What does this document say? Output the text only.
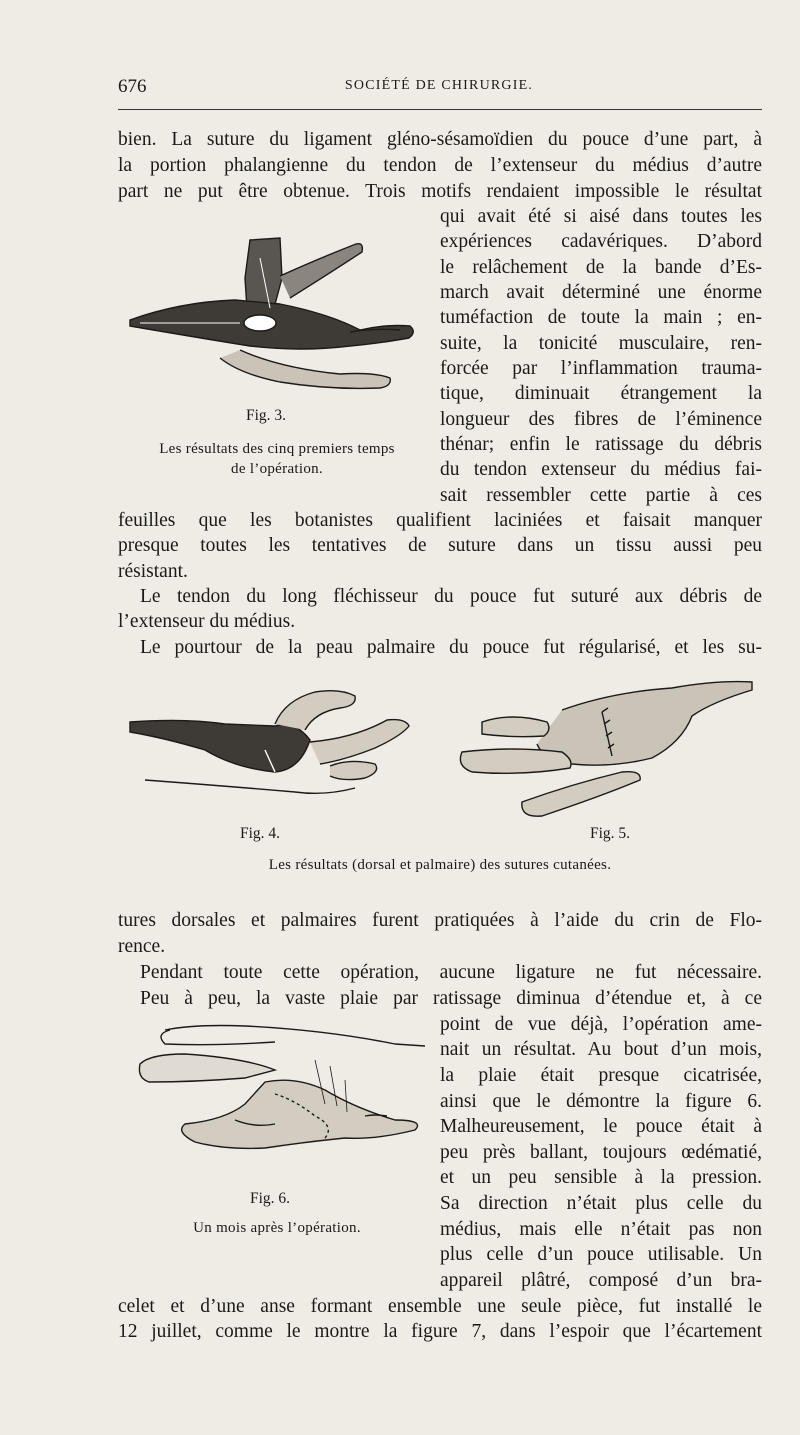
676	SOCIÉTÉ DE CHIRURGIE.
bien. La suture du ligament gléno-sésamoïdien du pouce d’une part, à
la portion phalangienne du tendon de l’extenseur du médius d’autre
part ne put être obtenue. Trois motifs rendaient impossible le résultat
qui avait été si aisé dans toutes les
expériences cadavériques. D’abord
le relâchement de la bande d’Es-
march avait déterminé une énorme
tuméfaction de toute la main ; en-
suite, la tonicité musculaire, ren-
forcée par l’inflammation trauma-
tique, diminuait étrangement la
longueur des fibres de l’éminence
thénar; enfin le ratissage du débris
du tendon extenseur du médius fai-
sait ressembler cette partie à ces
feuilles que les botanistes qualifient laciniées et faisait manquer
presque toutes les tentatives de suture dans un tissu aussi peu
résistant.
Le tendon du long fléchisseur du pouce fut suturé aux débris de
l’extenseur du médius.
Le pourtour de la peau palmaire du pouce fut régularisé, et les su-
tures dorsales et palmaires furent pratiquées à l’aide du crin de Flo-
rence.
Pendant toute cette opération, aucune ligature ne fut nécessaire.
Peu à peu, la vaste plaie par ratissage diminua d’étendue et, à ce
point de vue déjà, l’opération ame-
nait un résultat. Au bout d’un mois,
la plaie était presque cicatrisée,
ainsi que le démontre la figure 6.
Malheureusement, le pouce était à
peu près ballant, toujours œdématié,
et un peu sensible à la pression.
Sa direction n’était plus celle du
médius, mais elle n’était pas non
plus celle d’un pouce utilisable. Un
appareil plâtré, composé d’un bra-
celet et d’une anse formant ensemble une seule pièce, fut installé le
12 juillet, comme le montre la figure 7, dans l’espoir que l’écartement
Fig. 3.
Les résultats des cinq premiers temps
de l’opération.
Fig. 4.	Fig. 5.
Les résultats (dorsal et palmaire) des sutures cutanées.
Fig. 6.
Un mois après l’opération.
